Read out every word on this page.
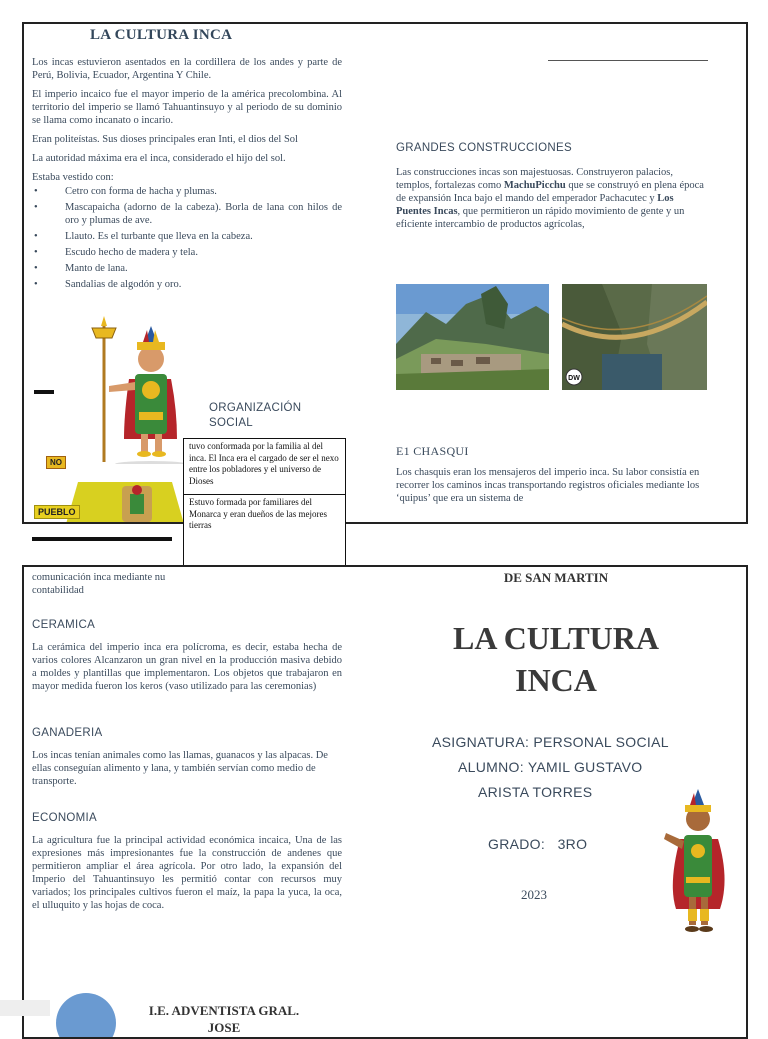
LA CULTURA INCA

Los incas estuvieron asentados en la cordillera de los andes y parte de Perú, Bolivia, Ecuador, Argentina Y Chile.

El imperio incaico fue el mayor imperio de la américa precolombina. Al territorio del imperio se llamó Tahuantinsuyo y al periodo de su dominio se llama como incanato o incario.

Eran politeístas. Sus dioses principales eran Inti, el dios del Sol

La autoridad máxima era el inca, considerado el hijo del sol.

Estaba vestido con:

• Cetro con forma de hacha y plumas.
• Mascapaicha (adorno de la cabeza). Borla de lana con hilos de oro y plumas de ave.
• Llauto. Es el turbante que lleva en la cabeza.
• Escudo hecho de madera y tela.
• Manto de lana.
• Sandalias de algodón y oro.
NO
PUEBLO
ORGANIZACIÓN SOCIAL
GRANDES CONSTRUCCIONES

Las construcciones incas son majestuosas. Construyeron palacios, templos, fortalezas como MachuPicchu que se construyó en plena época de expansión Inca bajo el mando del emperador Pachacutec y Los Puentes Incas, que permitieron un rápido movimiento de gente y un eficiente intercambio de productos agrícolas,

DW
E1 CHASQUI

Los chasquis eran los mensajeros del imperio inca. Su labor consistía en recorrer los caminos incas transportando registros oficiales mediante los ‘quipus’ que era un sistema de

tuvo conformada por la familia al del inca. El Inca era el cargado de ser el nexo entre los pobladores y el universo de Dioses
Estuvo formada por familiares del Monarca y eran dueños de las mejores tierras

comunicación inca mediante nu contabilidad

CERAMICA

La cerámica del imperio inca era polícroma, es decir, estaba hecha de varios colores Alcanzaron un gran nivel en la producción masiva debido a moldes y plantillas que implementaron. Los objetos que trabajaron en mayor medida fueron los keros (vaso utilizado para las ceremonias)

GANADERIA

Los incas tenían animales como las llamas, guanacos y las alpacas. De ellas conseguían alimento y lana, y también servían como medio de transporte.

ECONOMIA

La agricultura fue la principal actividad económica incaica, Una de las expresiones más impresionantes fue la construcción de andenes que permitieron ampliar el área agrícola. Por otro lado, la expansión del Imperio del Tahuantinsuyo les permitió contar con recursos muy variados; los principales cultivos fueron el maíz, la papa la yuca, la oca, el ulluquito y las hojas de coca.

I.E. ADVENTISTA GRAL.
JOSE
DE SAN MARTIN
LA CULTURA
INCA
ASIGNATURA: PERSONAL SOCIAL
ALUMNO: YAMIL GUSTAVO
ARISTA TORRES
GRADO:   3RO
2023
